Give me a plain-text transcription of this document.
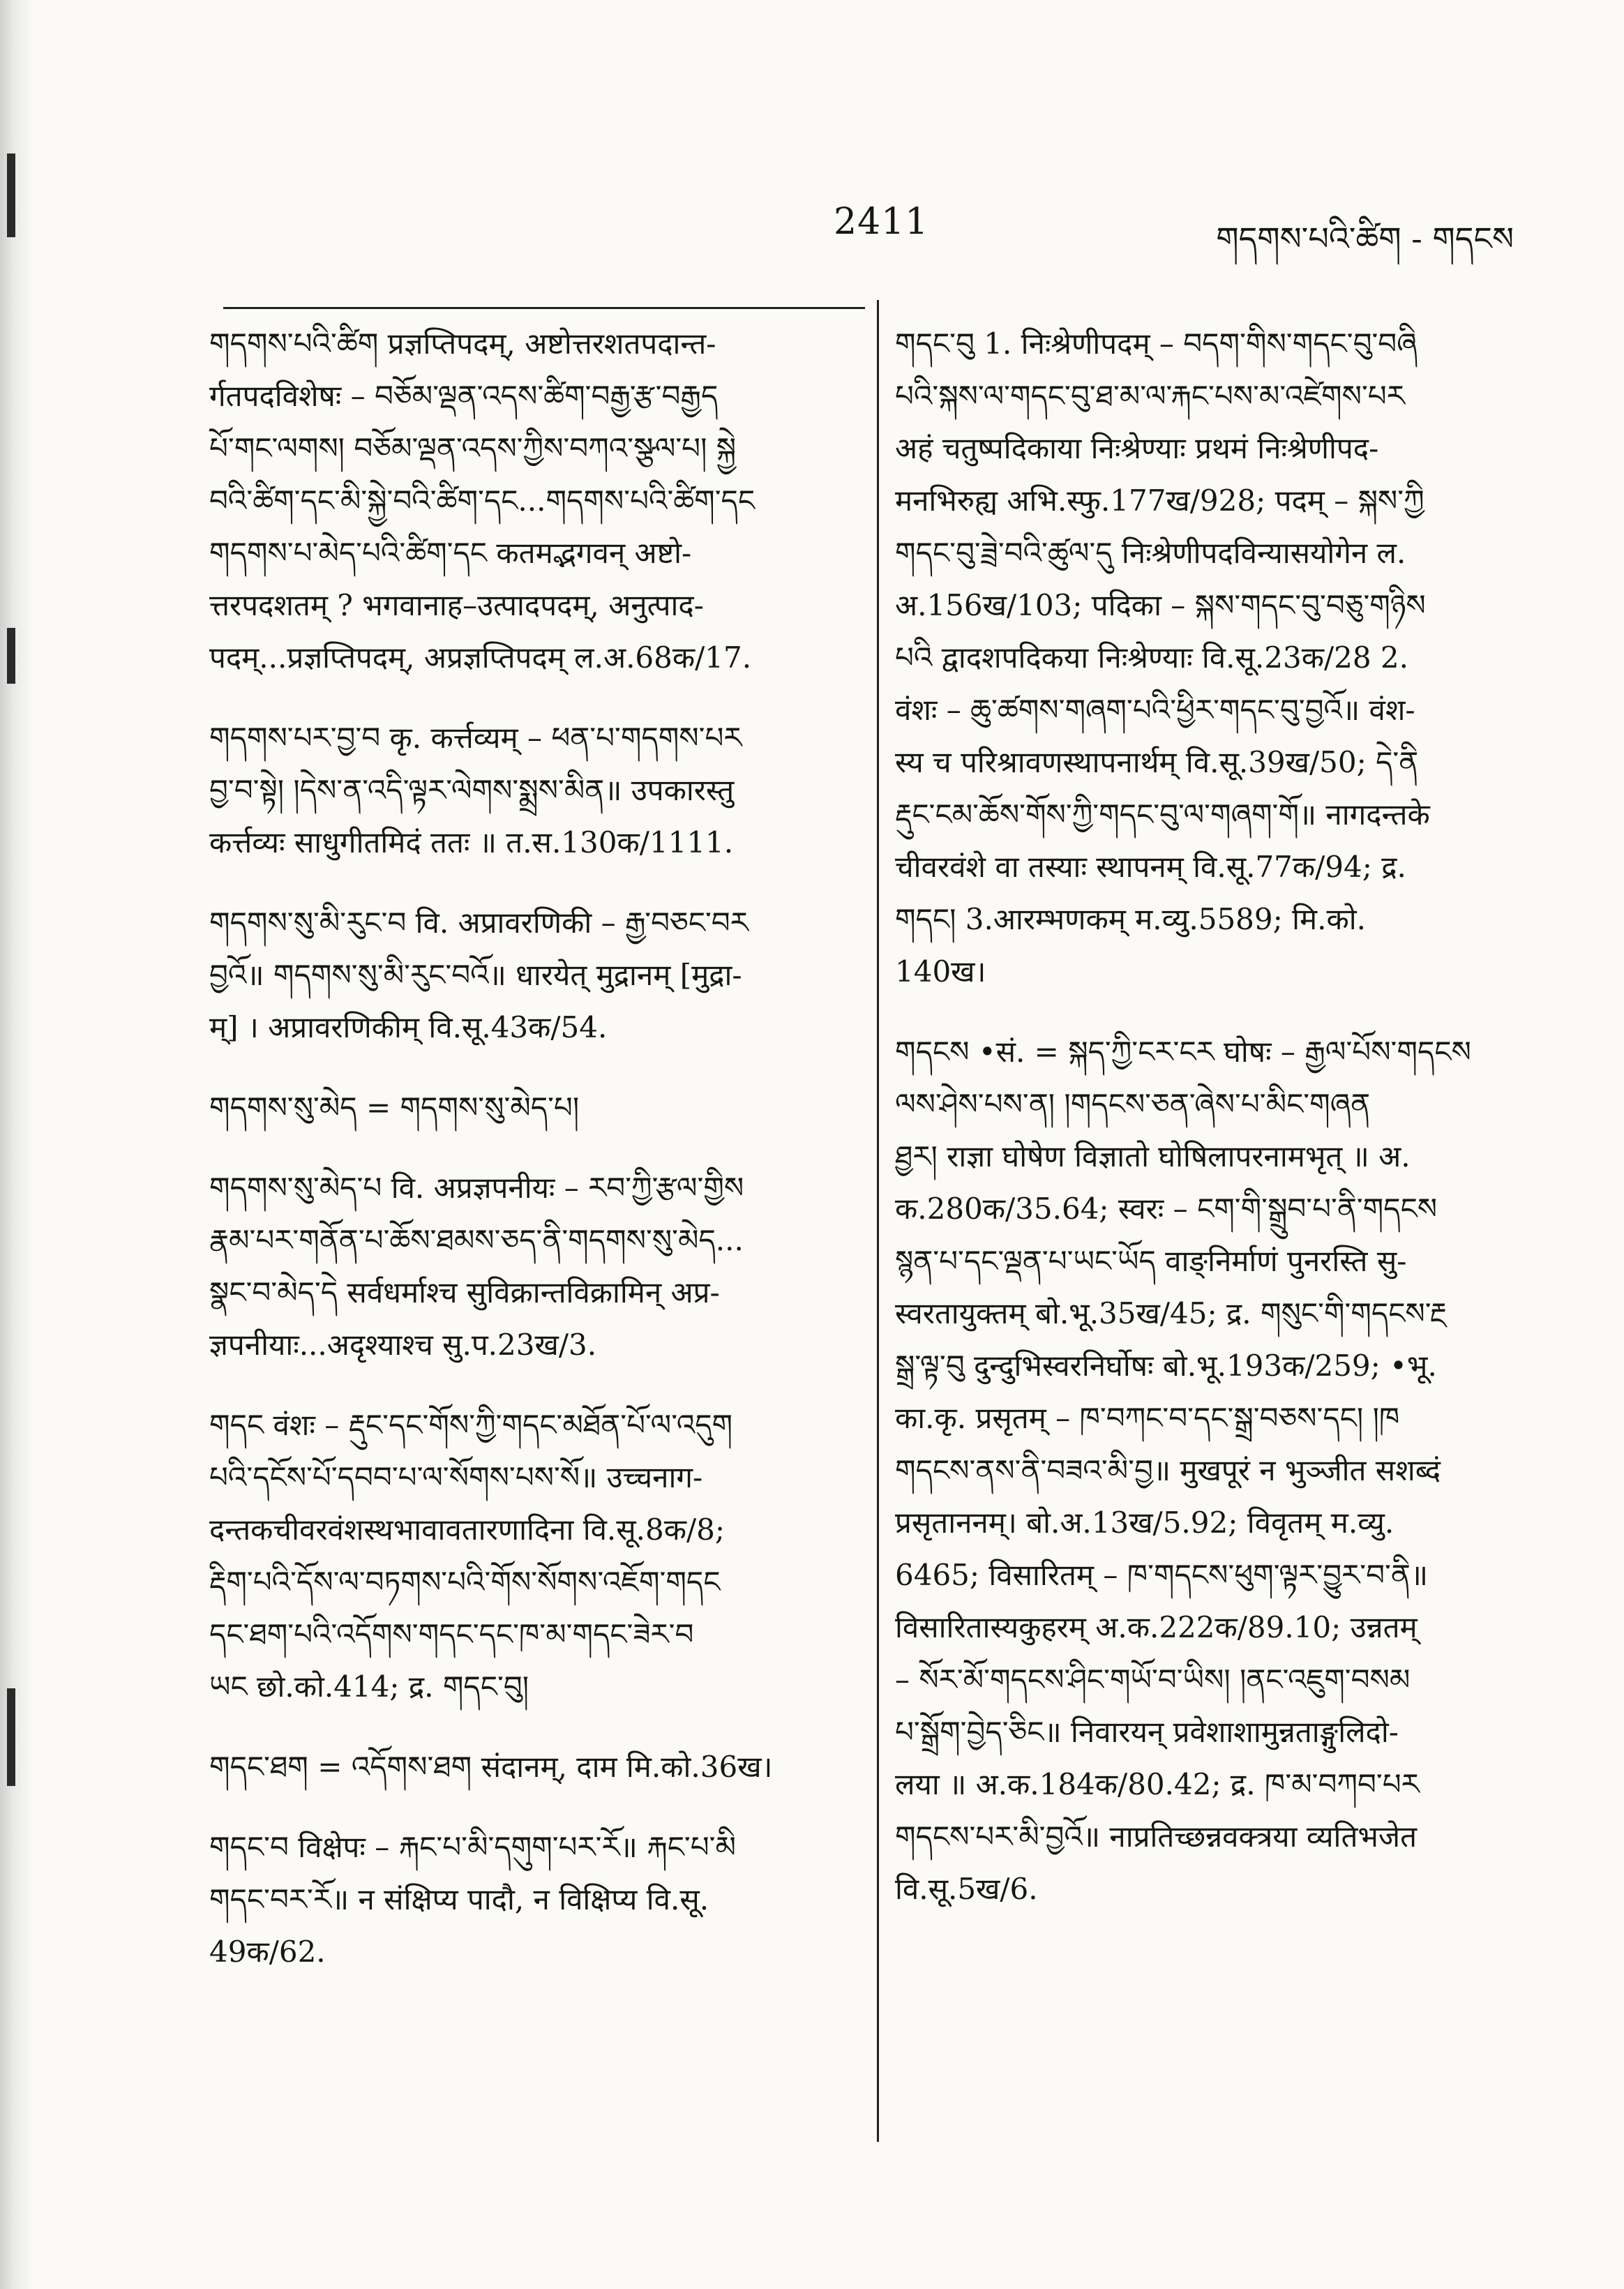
2411	གདགས་པའི་ཚིག - གདངས
གདགས་པའི་ཚིག प्रज्ञप्तिपदम्, अष्टोत्तरशतपदान्त-
र्गतपदविशेषः – བཅོམ་ལྡན་འདས་ཚིག་བརྒྱ་རྩ་བརྒྱད
པོ་གང་ལགས། བཅོམ་ལྡན་འདས་ཀྱིས་བཀའ་སྩལ་པ། སྐྱེ
བའི་ཚིག་དང་མི་སྐྱེ་བའི་ཚིག་དང...གདགས་པའི་ཚིག་དང
གདགས་པ་མེད་པའི་ཚིག་དང कतमद्भगवन् अष्टो-
त्तरपदशतम् ? भगवानाह–उत्पादपदम्, अनुत्पाद-
पदम्...प्रज्ञप्तिपदम्, अप्रज्ञप्तिपदम् ल.अ.68क/17.
གདགས་པར་བྱ་བ कृ. कर्त्तव्यम् – ཕན་པ་གདགས་པར
བྱ་བ་སྟེ། །དེས་ན་འདི་ལྟར་ལེགས་སྨྲས་མིན॥ उपकारस्तु
कर्त्तव्यः साधुगीतमिदं ततः ॥ त.स.130क/1111.
གདགས་སུ་མི་རུང་བ वि. अप्रावरणिकी – རྒྱ་བཅང་བར
བྱའོ॥ གདགས་སུ་མི་རུང་བའོ॥ धारयेत् मुद्रानम् [मुद्रा-
म्] । अप्रावरणिकीम् वि.सू.43क/54.
གདགས་སུ་མེད = གདགས་སུ་མེད་པ།
གདགས་སུ་མེད་པ वि. अप्रज्ञपनीयः – རབ་ཀྱི་རྩལ་གྱིས
རྣམ་པར་གནོན་པ་ཆོས་ཐམས་ཅད་ནི་གདགས་སུ་མེད...
སྣང་བ་མེད་དེ सर्वधर्माश्च सुविक्रान्तविक्रामिन् अप्र-
ज्ञपनीयाः...अदृश्याश्च सु.प.23ख/3.
གདང वंशः – རྡུང་དང་གོས་ཀྱི་གདང་མཐོན་པོ་ལ་འདུག
པའི་དངོས་པོ་དབབ་པ་ལ་སོགས་པས་སོ॥ उच्चनाग-
दन्तकचीवरवंशस्थभावावतारणादिना वि.सू.8क/8;
རྡིག་པའི་དོས་ལ་བཏགས་པའི་གོས་སོགས་འཇོག་གདང
དང་ཐག་པའི་འདོགས་གདང་དང་ཁ་མ་གདང་ཟེར་བ
ཡང छो.को.414; द्र. གདང་བུ།
གདང་ཐག = འདོགས་ཐག संदानम्, दाम मि.को.36ख।
གདང་བ विक्षेपः – རྐང་པ་མི་དགུག་པར་རོ॥ རྐང་པ་མི
གདང་བར་རོ॥ न संक्षिप्य पादौ, न विक्षिप्य वि.सू.
49क/62.
གདང་བུ 1. निःश्रेणीपदम् – བདག་གིས་གདང་བུ་བཞི
པའི་སྐས་ལ་གདང་བུ་ཐ་མ་ལ་རྐང་པས་མ་འཛེགས་པར
अहं चतुष्पदिकाया निःश्रेण्याः प्रथमं निःश्रेणीपद-
मनभिरुह्य अभि.स्फु.177ख/928; पदम् – སྐས་ཀྱི
གདང་བུ་ཟྲེ་བའི་ཚུལ་དུ निःश्रेणीपदविन्यासयोगेन ल.
अ.156ख/103; पदिका – སྐས་གདང་བུ་བཅུ་གཉིས
པའི द्वादशपदिकया निःश्रेण्याः वि.सू.23क/28 2.
वंशः – ཆུ་ཚགས་གཞག་པའི་ཕྱིར་གདང་བུ་བྱའོ॥ वंश-
स्य च परिश्रावणस्थापनार्थम् वि.सू.39ख/50; དེ་ནི
རྡུང་ངམ་ཆོས་གོས་ཀྱི་གདང་བུ་ལ་གཞག་གོ॥ नागदन्तके
चीवरवंशे वा तस्याः स्थापनम् वि.सू.77क/94; द्र.
གདང། 3.आरम्भणकम् म.व्यु.5589; मि.को.
140ख।
གདངས •सं. = སྐད་ཀྱི་ངར་ངར घोषः – རྒྱལ་པོས་གདངས
ལས་ཤེས་པས་ན། །གདངས་ཅན་ཞེས་པ་མིང་གཞན
ཐྱར། राज्ञा घोषेण विज्ञातो घोषिलापरनामभृत् ॥ अ.
क.280क/35.64; स्वरः – ངག་གི་སྒྲུབ་པ་ནི་གདངས
སྙན་པ་དང་ལྡན་པ་ཡང་ཡོད वाङ्निर्माणं पुनरस्ति सु-
स्वरतायुक्तम् बो.भू.35ख/45; द्र. གསུང་གི་གདངས་རྔ
སྒྲ་ལྟ་བུ दुन्दुभिस्वरनिर्घोषः बो.भू.193क/259; •भू.
का.कृ. प्रसृतम् – ཁ་བཀང་བ་དང་སྒྲ་བཅས་དང། །ཁ
གདངས་ནས་ནི་བཟའ་མི་བྱ॥ मुखपूरं न भुञ्जीत सशब्दं
प्रसृताननम्। बो.अ.13ख/5.92; विवृतम् म.व्यु.
6465; विसारितम् – ཁ་གདངས་ཕུག་ལྟར་བྱུར་བ་ནི॥
विसारितास्यकुहरम् अ.क.222क/89.10; उन्नतम्
– སོར་མོ་གདངས་ཤིང་གཡོ་བ་ཡིས། །ནང་འཇུག་བསམ
པ་སྒྲོག་བྱེད་ཅིང॥ निवारयन् प्रवेशाशामुन्नताङ्गुलिदो-
लया ॥ अ.क.184क/80.42; द्र. ཁ་མ་བཀབ་པར
གདངས་པར་མི་བྱའོ॥ नाप्रतिच्छन्नवक्त्रया व्यतिभजेत
वि.सू.5ख/6.
